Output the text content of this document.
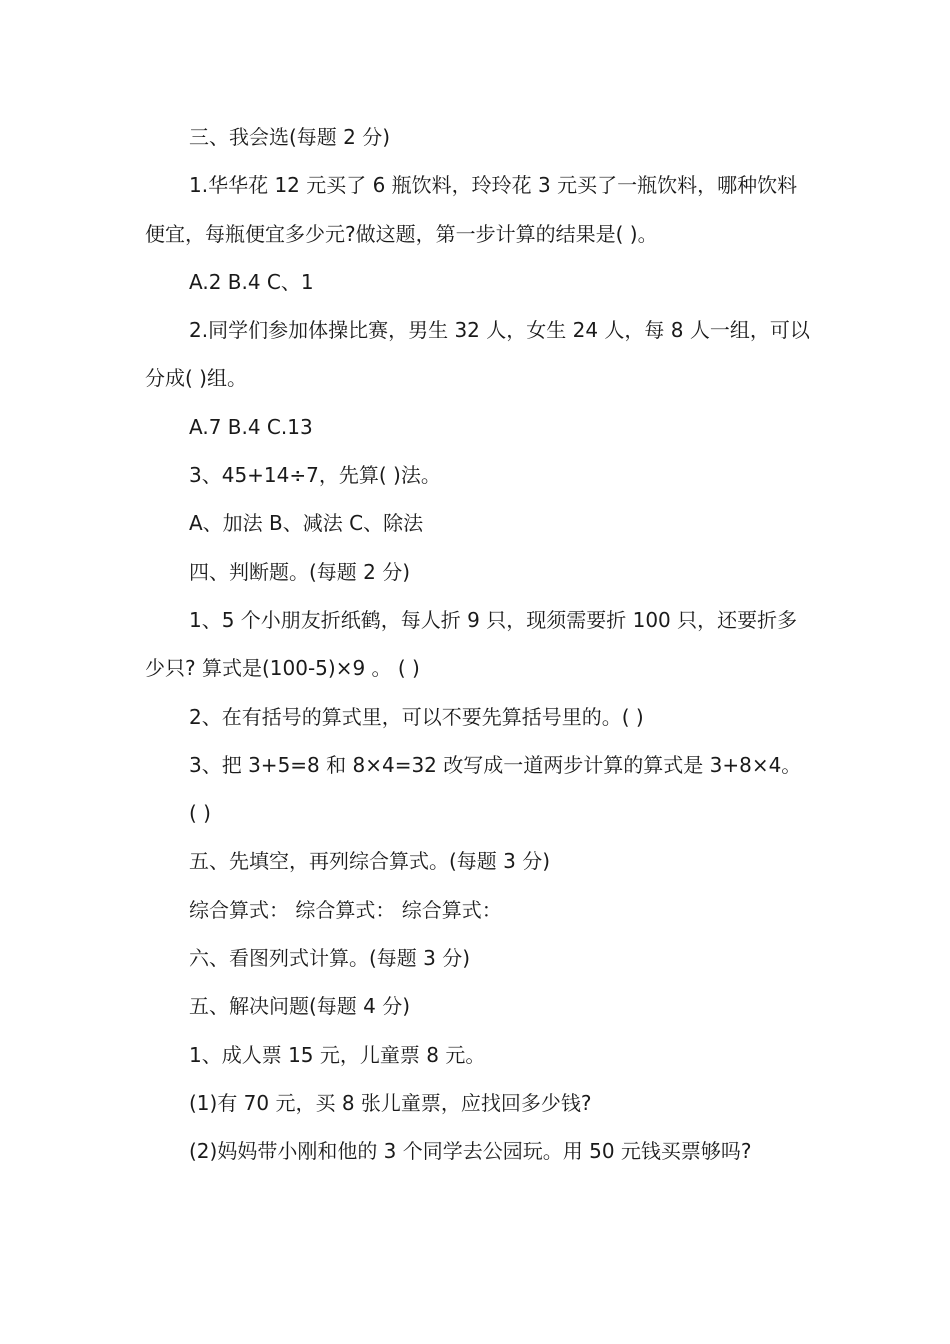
三、我会选(每题 2 分)

1.华华花 12 元买了 6 瓶饮料，玲玲花 3 元买了一瓶饮料，哪种饮料便宜，每瓶便宜多少元?做这题，第一步计算的结果是( )。

A.2 B.4 C、1

2.同学们参加体操比赛，男生 32 人，女生 24 人，每 8 人一组，可以分成( )组。

A.7 B.4 C.13

3、45+14÷7，先算( )法。

A、加法 B、减法 C、除法

四、判断题。(每题 2 分)

1、5 个小朋友折纸鹤，每人折 9 只，现须需要折 100 只，还要折多少只? 算式是(100-5)×9 。 ( )

2、在有括号的算式里，可以不要先算括号里的。( )

3、把 3+5=8 和 8×4=32 改写成一道两步计算的算式是 3+8×4。

( )

五、先填空，再列综合算式。(每题 3 分)

综合算式： 综合算式： 综合算式：

六、看图列式计算。(每题 3 分)

五、解决问题(每题 4 分)

1、成人票 15 元，儿童票 8 元。

(1)有 70 元，买 8 张儿童票，应找回多少钱?

(2)妈妈带小刚和他的 3 个同学去公园玩。用 50 元钱买票够吗?
